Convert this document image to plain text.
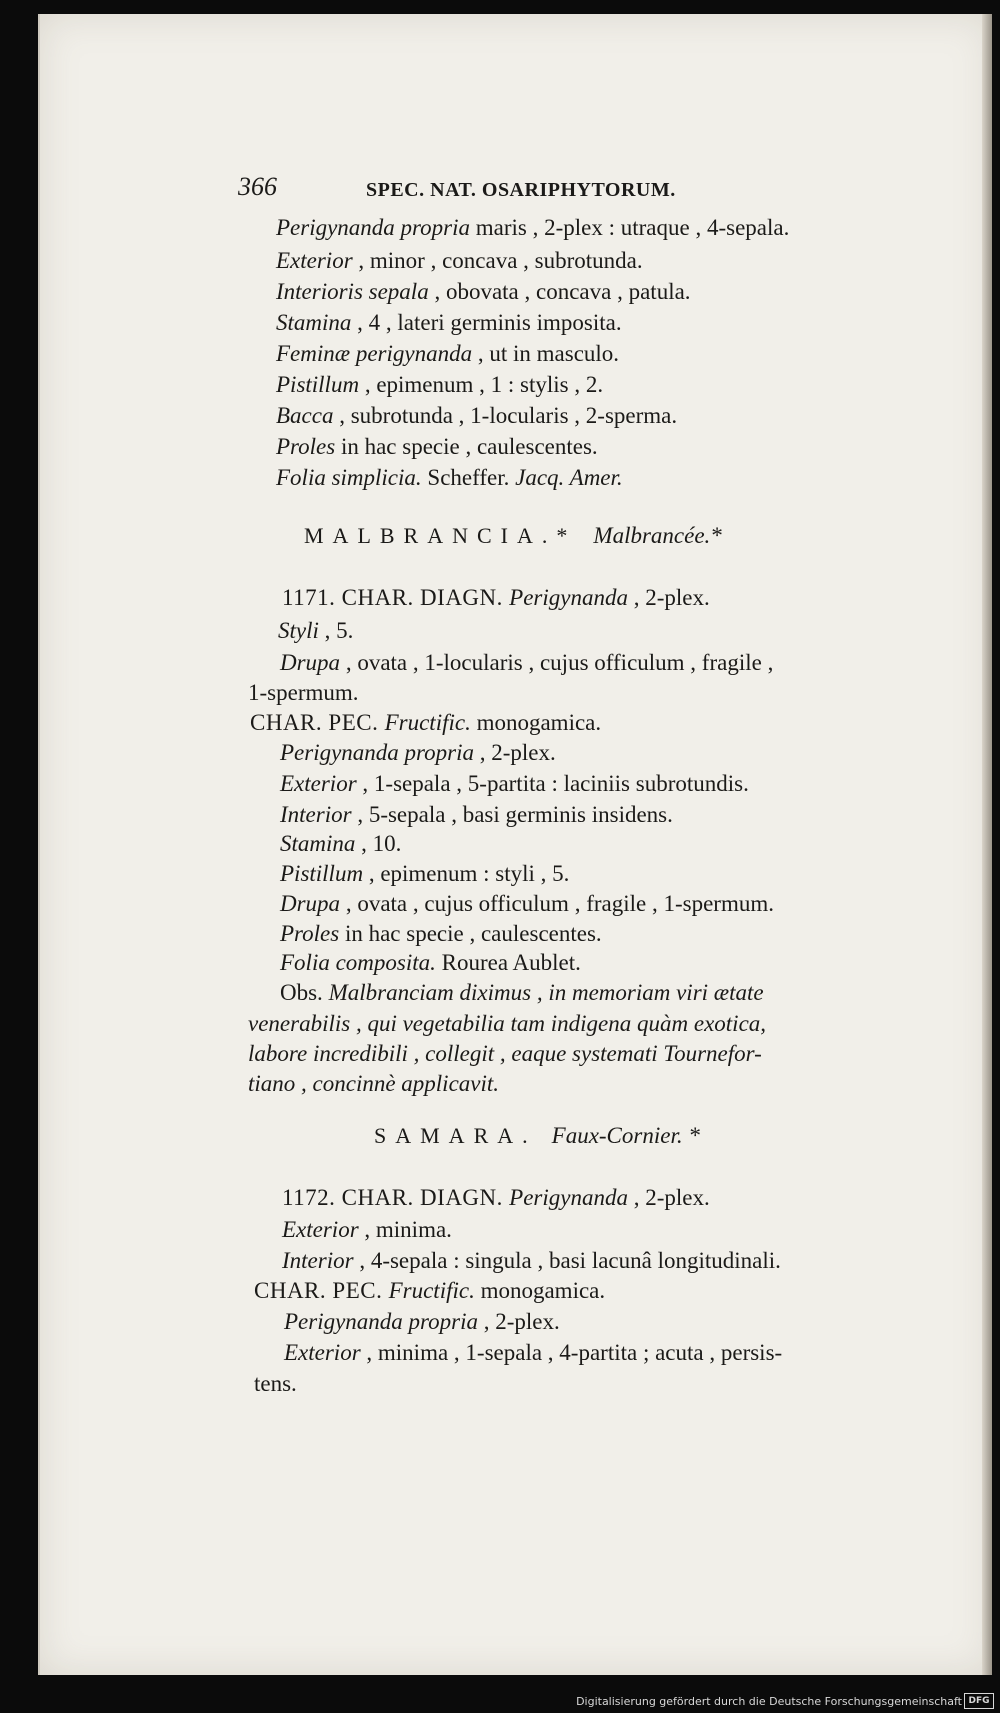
366	SPEC. NAT. OSARIPHYTORUM.
Perigynanda propria maris , 2-plex : utraque , 4-sepala.
Exterior , minor , concava , subrotunda.
Interioris sepala , obovata , concava , patula.
Stamina , 4 , lateri germinis imposita.
Feminæ perigynanda , ut in masculo.
Pistillum , epimenum , 1 : stylis , 2.
Bacca , subrotunda , 1-locularis , 2-sperma.
Proles in hac specie , caulescentes.
Folia simplicia. Scheffer. Jacq. Amer.
MALBRANCIA.* Malbrancée.*
1171. CHAR. DIAGN. Perigynanda , 2-plex.
Styli , 5.
Drupa , ovata , 1-locularis , cujus officulum , fragile ,
1-spermum.
CHAR. PEC. Fructific. monogamica.
Perigynanda propria , 2-plex.
Exterior , 1-sepala , 5-partita : laciniis subrotundis.
Interior , 5-sepala , basi germinis insidens.
Stamina , 10.
Pistillum , epimenum : styli , 5.
Drupa , ovata , cujus officulum , fragile , 1-spermum.
Proles in hac specie , caulescentes.
Folia composita. Rourea Aublet.
Obs. Malbranciam diximus , in memoriam viri ætate
venerabilis , qui vegetabilia tam indigena quàm exotica,
labore incredibili , collegit , eaque systemati Tournefor-
tiano , concinnè applicavit.
SAMARA. Faux-Cornier. *
1172. CHAR. DIAGN. Perigynanda , 2-plex.
Exterior , minima.
Interior , 4-sepala : singula , basi lacunâ longitudinali.
CHAR. PEC. Fructific. monogamica.
Perigynanda propria , 2-plex.
Exterior , minima , 1-sepala , 4-partita ; acuta , persis-
tens.
Digitalisierung gefördert durch die Deutsche Forschungsgemeinschaft DFG
